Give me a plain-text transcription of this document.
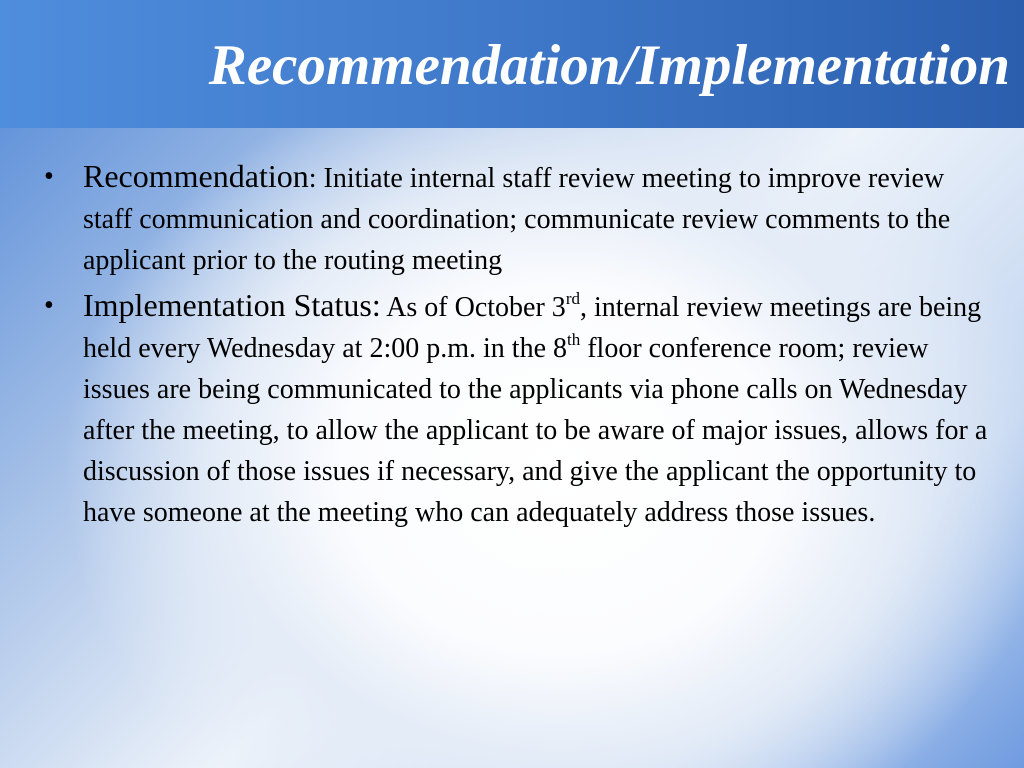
Recommendation/Implementation
• Recommendation: Initiate internal staff review meeting to improve review staff communication and coordination; communicate review comments to the applicant prior to the routing meeting
• Implementation Status: As of October 3rd, internal review meetings are being held every Wednesday at 2:00 p.m. in the 8th floor conference room; review issues are being communicated to the applicants via phone calls on Wednesday after the meeting, to allow the applicant to be aware of major issues, allows for a discussion of those issues if necessary, and give the applicant the opportunity to have someone at the meeting who can adequately address those issues.
